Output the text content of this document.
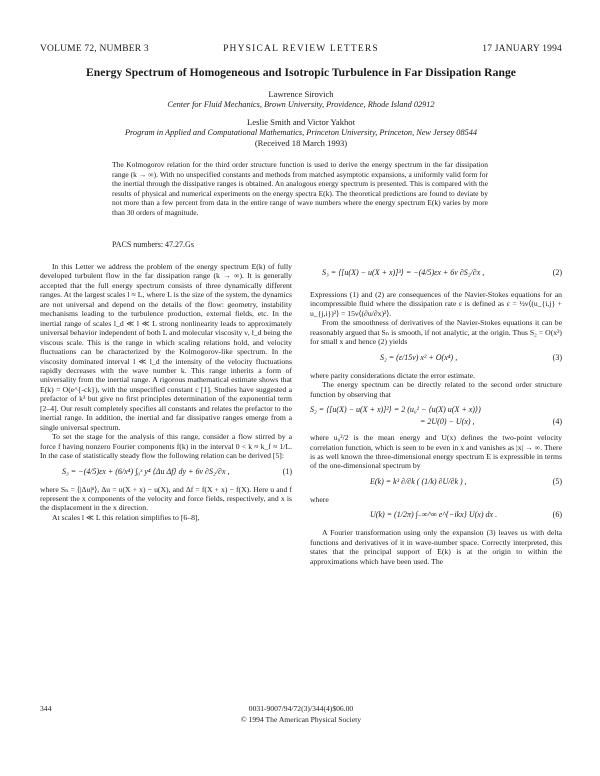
VOLUME 72, NUMBER 3	PHYSICAL REVIEW LETTERS	17 JANUARY 1994
Energy Spectrum of Homogeneous and Isotropic Turbulence in Far Dissipation Range
Lawrence Sirovich
Center for Fluid Mechanics, Brown University, Providence, Rhode Island 02912
Leslie Smith and Victor Yakhot
Program in Applied and Computational Mathematics, Princeton University, Princeton, New Jersey 08544
(Received 18 March 1993)
The Kolmogorov relation for the third order structure function is used to derive the energy spectrum in the far dissipation range (k → ∞). With no unspecified constants and methods from matched asymptotic expansions, a uniformly valid form for the inertial through the dissipative ranges is obtained. An analogous energy spectrum is presented. This is compared with the results of physical and numerical experiments on the energy spectra E(k). The theoretical predictions are found to deviate by not more than a few percent from data in the entire range of wave numbers where the energy spectrum E(k) varies by more than 30 orders of magnitude.
PACS numbers: 47.27.Gs

In this Letter we address the problem of the energy spectrum E(k) of fully developed turbulent flow in the far dissipation range (k → ∞). It is generally accepted that the full energy spectrum consists of three dynamically different ranges. At the largest scales l ≈ L, where L is the size of the system, the dynamics are not universal and depend on the details of the flow: geometry, instability mechanisms leading to the turbulence production, external fields, etc. In the inertial range of scales l_d ≪ l ≪ L strong nonlinearity leads to approximately universal behavior independent of both L and molecular viscosity ν, l_d being the viscous scale. This is the range in which scaling relations hold, and velocity fluctuations can be characterized by the Kolmogorov-like spectrum. In the viscosity dominated interval l ≪ l_d the intensity of the velocity fluctuations rapidly decreases with the wave number k. This range inherits a form of universality from the inertial range. A rigorous mathematical estimate shows that E(k) = O(e^{-ck}), with the unspecified constant c [1]. Studies have suggested a prefactor of k³ but give no first principles determination of the exponential term [2–4]. Our result completely specifies all constants and relates the prefactor to the inertial range. In addition, the inertial and far dissipative ranges emerge from a single universal spectrum.

To set the stage for the analysis of this range, consider a flow stirred by a force f having nonzero Fourier components f(k) in the interval 0 < k ≈ k_f ≈ 1/L. In the case of statistically steady flow the following relation can be derived [5]:

S₃ = −(4/5)εx + (6/x⁴) ∫₀ˣ y⁴ ⟨Δu Δf⟩ dy + 6ν ∂S₂/∂x ,	(1)

where Sₙ = ⟨|Δu|ⁿ⟩, Δu = u(X + x) − u(X), and Δf = f(X + x) − f(X). Here u and f represent the x components of the velocity and force fields, respectively, and x is the displacement in the x direction.

At scales l ≪ L this relation simplifies to [6–8],

S₃ = ⟨[u(X) − u(X + x)]³⟩ = −(4/5)εx + 6ν ∂S₂/∂x ,	(2)

Expressions (1) and (2) are consequences of the Navier-Stokes equations for an incompressible fluid where the dissipation rate ε is defined as ε = ½ν⟨(u_{i,j} + u_{j,i})²⟩ = 15ν⟨(∂u/∂x)²⟩.

From the smoothness of derivatives of the Navier-Stokes equations it can be reasonably argued that Sₙ is smooth, if not analytic, at the origin. Thus S₂ = O(x²) for small x and hence (2) yields

S₂ = (ε/15ν) x² + O(x⁴) ,	(3)

where parity considerations dictate the error estimate.

The energy spectrum can be directly related to the second order structure function by observing that

S₂ = ⟨[u(X) − u(X + x)]²⟩ = 2 (u₀² − ⟨u(X) u(X + x)⟩)
= 2U(0) − U(x) ,	(4)

where u₀²/2 is the mean energy and U(x) defines the two-point velocity correlation function, which is seen to be even in x and vanishes as |x| → ∞. There is as well known the three-dimensional energy spectrum E is expressible in terms of the one-dimensional spectrum by

E(k) = k³ ∂/∂k ( (1/k) ∂U/∂k ) ,	(5)

where

U(k) = (1/2π) ∫₋∞^∞ e^{−ikx} U(x) dx .	(6)

A Fourier transformation using only the expansion (3) leaves us with delta functions and derivatives of it in wave-number space. Correctly interpreted, this states that the principal support of E(k) is at the origin to within the approximations which have been used. The

344	0031-9007/94/72(3)/344(4)$06.00
© 1994 The American Physical Society
